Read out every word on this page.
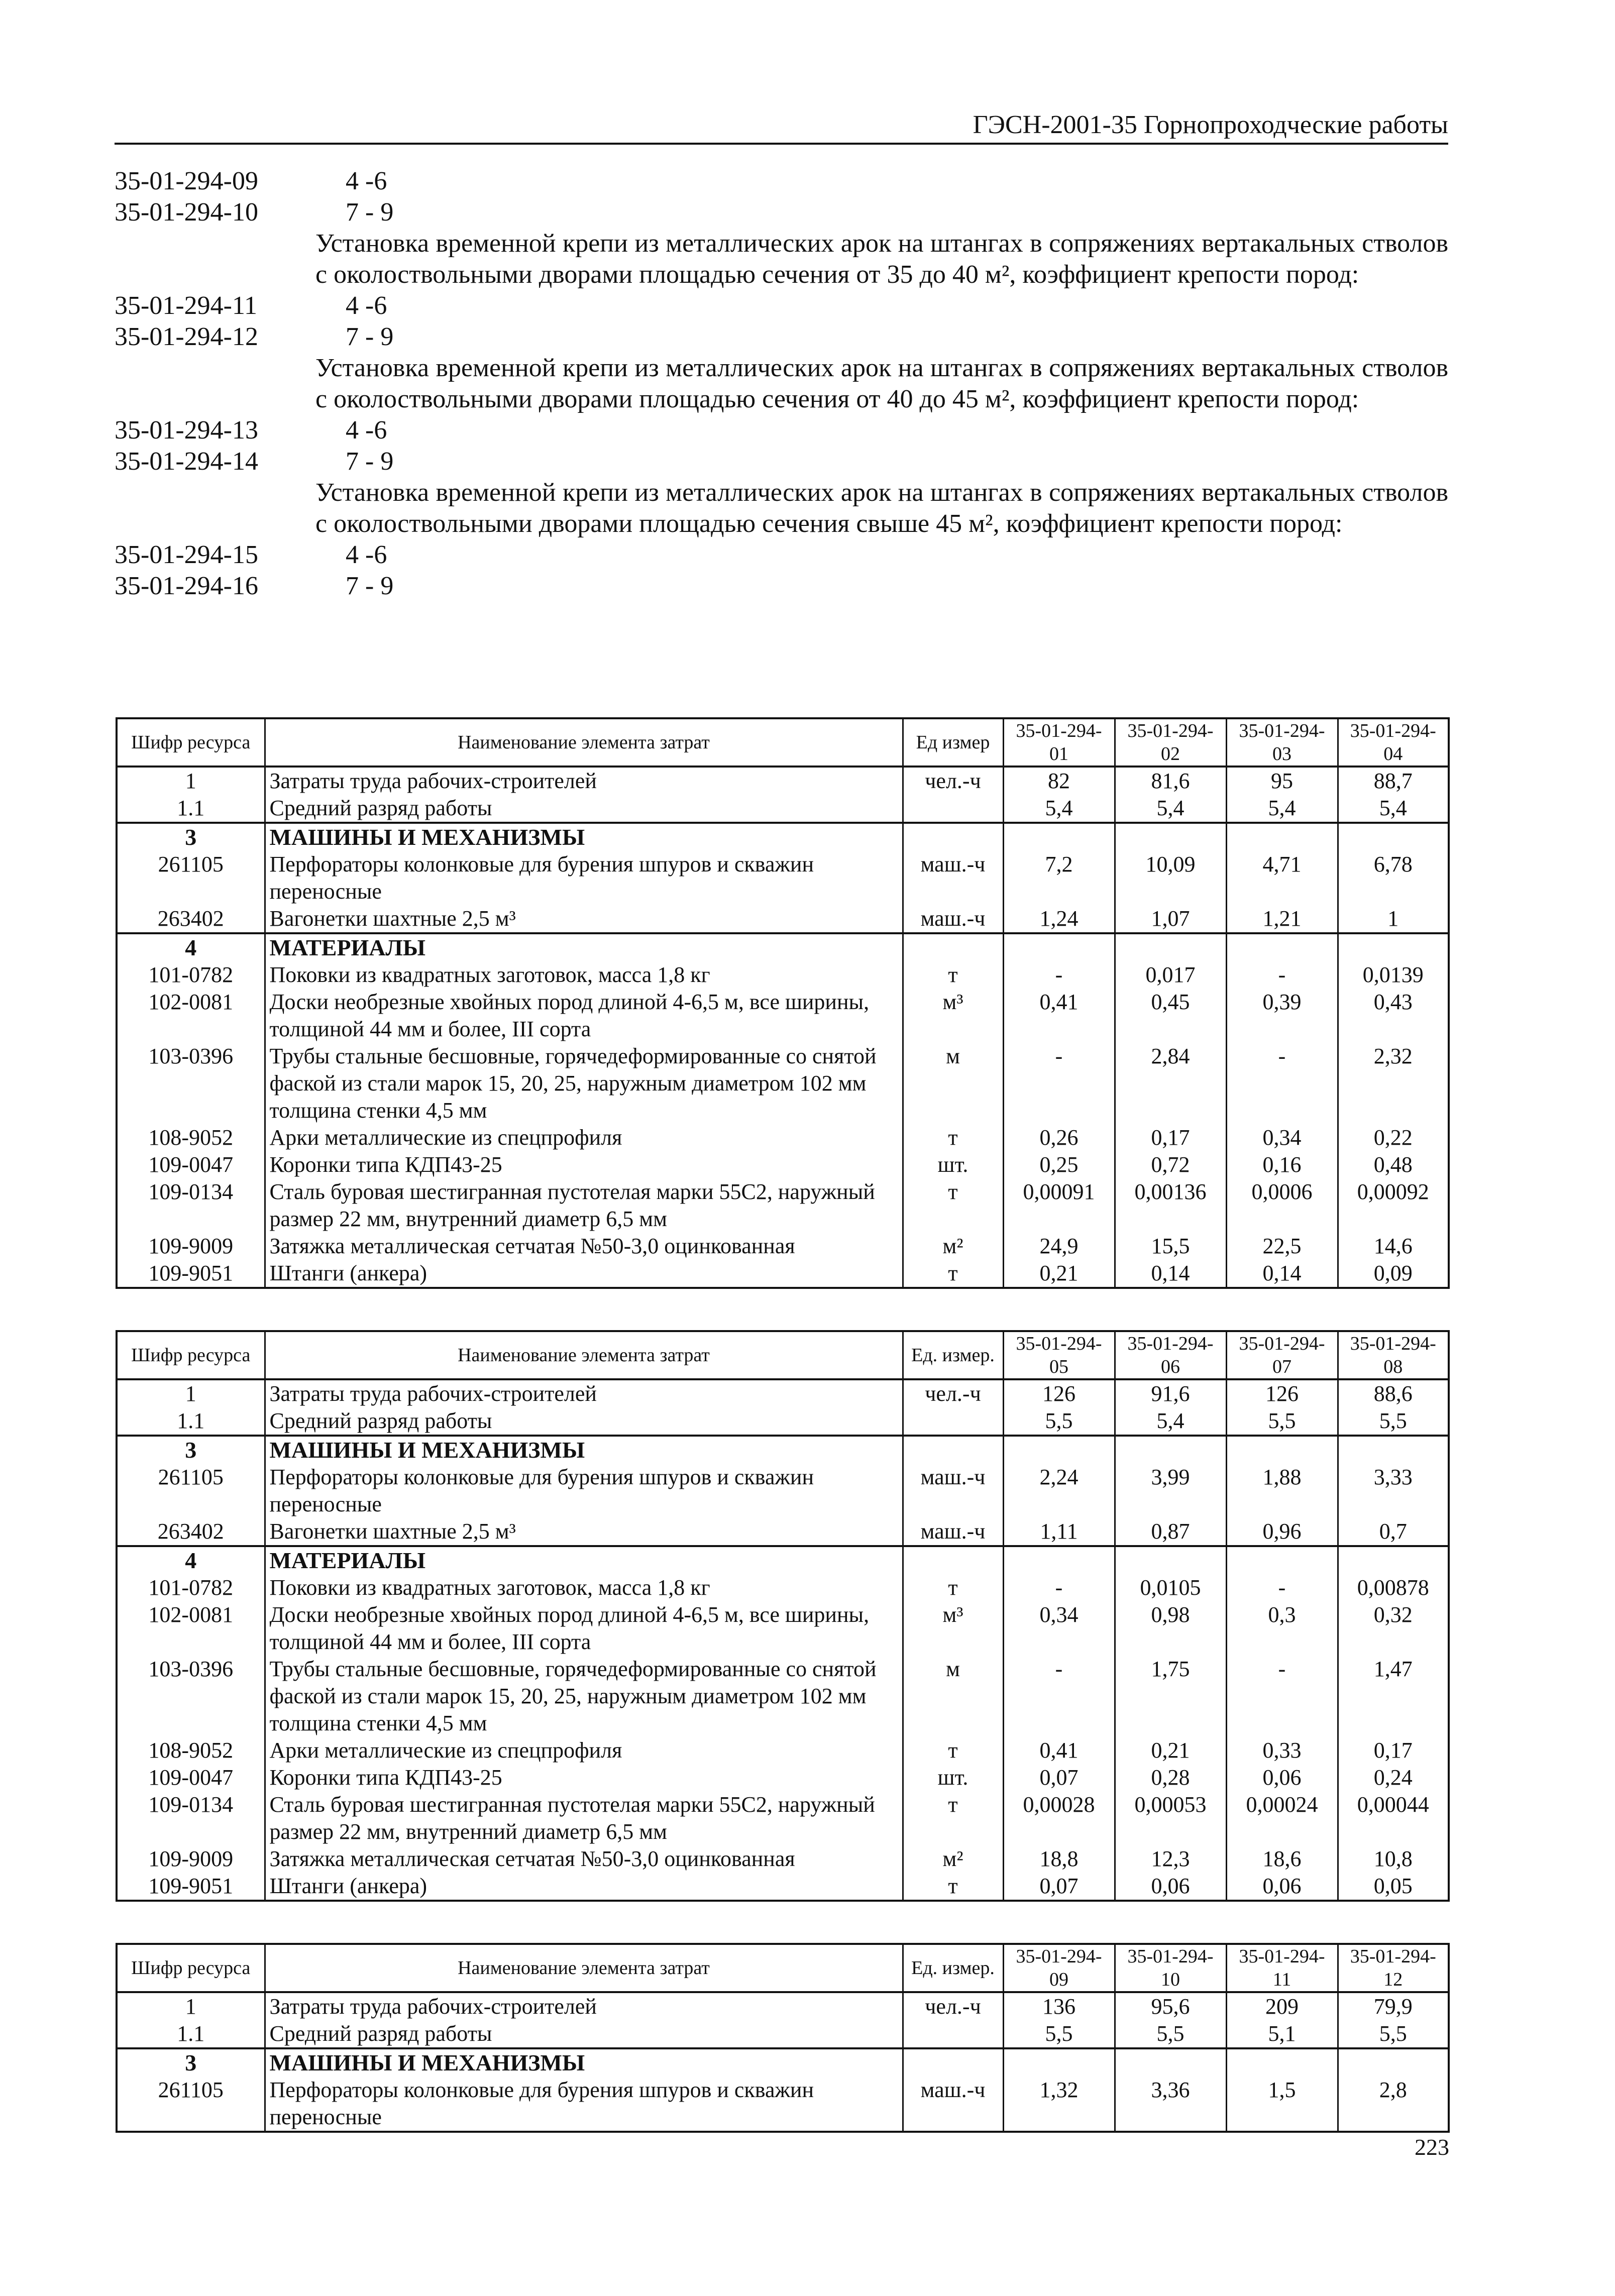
ГЭСН-2001-35 Горнопроходческие работы
35-01-294-09	4 -6
35-01-294-10	7 - 9
Установка временной крепи из металлических арок на штангах в сопряжениях вертакальных стволов с околоствольными дворами площадью сечения от 35 до 40 м², коэффициент крепости пород:
35-01-294-11	4 -6
35-01-294-12	7 - 9
Установка временной крепи из металлических арок на штангах в сопряжениях вертакальных стволов с околоствольными дворами площадью сечения от 40 до 45 м², коэффициент крепости пород:
35-01-294-13	4 -6
35-01-294-14	7 - 9
Установка временной крепи из металлических арок на штангах в сопряжениях вертакальных стволов с околоствольными дворами площадью сечения свыше 45 м², коэффициент крепости пород:
35-01-294-15	4 -6
35-01-294-16	7 - 9
Шифр ресурса	Наименование элемента затрат	Ед измер	35-01-294-01	35-01-294-02	35-01-294-03	35-01-294-04
1	Затраты труда рабочих-строителей	чел.-ч	82	81,6	95	88,7
1.1	Средний разряд работы		5,4	5,4	5,4	5,4
3	МАШИНЫ И МЕХАНИЗМЫ					
261105	Перфораторы колонковые для бурения шпуров и скважин переносные	маш.-ч	7,2	10,09	4,71	6,78
263402	Вагонетки шахтные 2,5 м³	маш.-ч	1,24	1,07	1,21	1
4	МАТЕРИАЛЫ					
101-0782	Поковки из квадратных заготовок, масса 1,8 кг	т	-	0,017	-	0,0139
102-0081	Доски необрезные хвойных пород длиной 4-6,5 м, все ширины, толщиной 44 мм и более, III сорта	м³	0,41	0,45	0,39	0,43
103-0396	Трубы стальные бесшовные, горячедеформированные со снятой фаской из стали марок 15, 20, 25, наружным диаметром 102 мм толщина стенки 4,5 мм	м	-	2,84	-	2,32
108-9052	Арки металлические из спецпрофиля	т	0,26	0,17	0,34	0,22
109-0047	Коронки типа КДП43-25	шт.	0,25	0,72	0,16	0,48
109-0134	Сталь буровая шестигранная пустотелая марки 55С2, наружный размер 22 мм, внутренний диаметр 6,5 мм	т	0,00091	0,00136	0,0006	0,00092
109-9009	Затяжка металлическая сетчатая №50-3,0 оцинкованная	м²	24,9	15,5	22,5	14,6
109-9051	Штанги (анкера)	т	0,21	0,14	0,14	0,09
Шифр ресурса	Наименование элемента затрат	Ед. измер.	35-01-294-05	35-01-294-06	35-01-294-07	35-01-294-08
1	Затраты труда рабочих-строителей	чел.-ч	126	91,6	126	88,6
1.1	Средний разряд работы		5,5	5,4	5,5	5,5
3	МАШИНЫ И МЕХАНИЗМЫ					
261105	Перфораторы колонковые для бурения шпуров и скважин переносные	маш.-ч	2,24	3,99	1,88	3,33
263402	Вагонетки шахтные 2,5 м³	маш.-ч	1,11	0,87	0,96	0,7
4	МАТЕРИАЛЫ					
101-0782	Поковки из квадратных заготовок, масса 1,8 кг	т	-	0,0105	-	0,00878
102-0081	Доски необрезные хвойных пород длиной 4-6,5 м, все ширины, толщиной 44 мм и более, III сорта	м³	0,34	0,98	0,3	0,32
103-0396	Трубы стальные бесшовные, горячедеформированные со снятой фаской из стали марок 15, 20, 25, наружным диаметром 102 мм толщина стенки 4,5 мм	м	-	1,75	-	1,47
108-9052	Арки металлические из спецпрофиля	т	0,41	0,21	0,33	0,17
109-0047	Коронки типа КДП43-25	шт.	0,07	0,28	0,06	0,24
109-0134	Сталь буровая шестигранная пустотелая марки 55С2, наружный размер 22 мм, внутренний диаметр 6,5 мм	т	0,00028	0,00053	0,00024	0,00044
109-9009	Затяжка металлическая сетчатая №50-3,0 оцинкованная	м²	18,8	12,3	18,6	10,8
109-9051	Штанги (анкера)	т	0,07	0,06	0,06	0,05
Шифр ресурса	Наименование элемента затрат	Ед. измер.	35-01-294-09	35-01-294-10	35-01-294-11	35-01-294-12
1	Затраты труда рабочих-строителей	чел.-ч	136	95,6	209	79,9
1.1	Средний разряд работы		5,5	5,5	5,1	5,5
3	МАШИНЫ И МЕХАНИЗМЫ					
261105	Перфораторы колонковые для бурения шпуров и скважин переносные	маш.-ч	1,32	3,36	1,5	2,8
223
